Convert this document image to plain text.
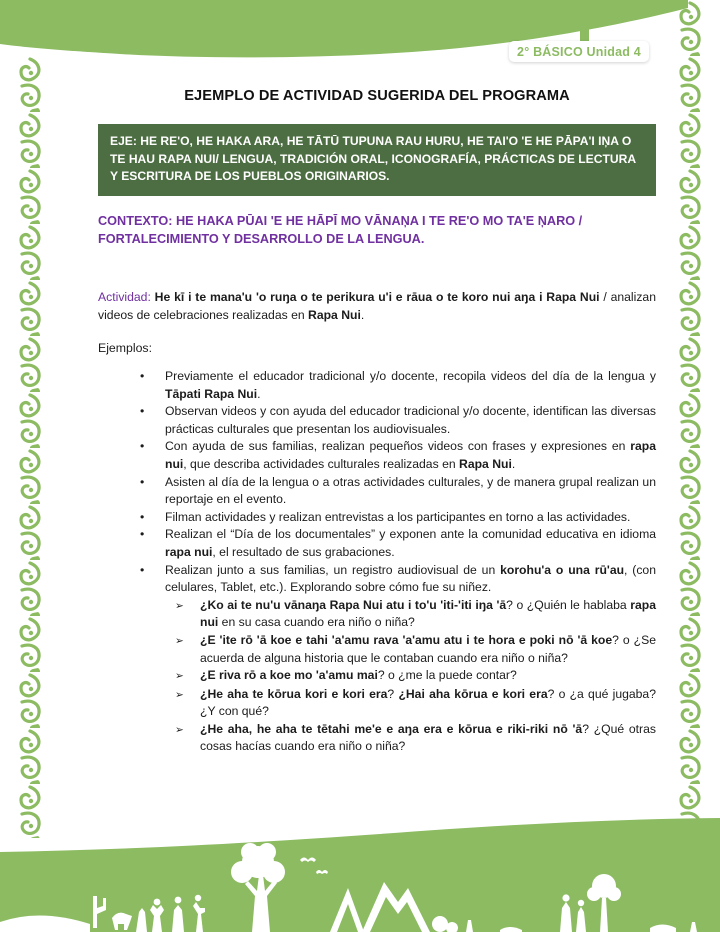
2° BÁSICO Unidad 4
EJEMPLO DE ACTIVIDAD SUGERIDA DEL PROGRAMA
EJE: HE RE'O, HE HAKA ARA, HE TĀTŪ TUPUNA RAU HURU, HE TAI'O 'E HE PĀPA'I IŅA O TE HAU RAPA NUI/ LENGUA, TRADICIÓN ORAL, ICONOGRAFÍA, PRÁCTICAS DE LECTURA Y ESCRITURA DE LOS PUEBLOS ORIGINARIOS.
CONTEXTO: HE HAKA PŪAI 'E HE HĀPĪ MO VĀNAŅA I TE RE'O MO TA'E ŅARO /
FORTALECIMIENTO Y DESARROLLO DE LA LENGUA.

Actividad: He kī i te mana'u 'o ruŋa o te perikura u'i e rāua o te koro nui aŋa i Rapa Nui / analizan videos de celebraciones realizadas en Rapa Nui.

Ejemplos:
•	Previamente el educador tradicional y/o docente, recopila videos del día de la lengua y Tāpati Rapa Nui.
•	Observan videos y con ayuda del educador tradicional y/o docente, identifican las diversas prácticas culturales que presentan los audiovisuales.
•	Con ayuda de sus familias, realizan pequeños videos con frases y expresiones en rapa nui, que describa actividades culturales realizadas en Rapa Nui.
•	Asisten al día de la lengua o a otras actividades culturales, y de manera grupal realizan un reportaje en el evento.
•	Filman actividades y realizan entrevistas a los participantes en torno a las actividades.
•	Realizan el “Día de los documentales” y exponen ante la comunidad educativa en idioma rapa nui, el resultado de sus grabaciones.
•	Realizan junto a sus familias, un registro audiovisual de un korohu'a o una rū'au, (con celulares, Tablet, etc.). Explorando sobre cómo fue su niñez.
➢	¿Ko ai te nu'u vānaŋa Rapa Nui atu i to'u 'iti-'iti iŋa 'ā? o ¿Quién le hablaba rapa nui en su casa cuando era niño o niña?
➢	¿E 'ite rō 'ā koe e tahi 'a'amu rava 'a'amu atu i te hora e poki nō 'ā koe? o ¿Se acuerda de alguna historia que le contaban cuando era niño o niña?
➢	¿E riva rō a koe mo 'a'amu mai? o ¿me la puede contar?
➢	¿He aha te kōrua kori e kori era? ¿Hai aha kōrua e kori era? o ¿a qué jugaba? ¿Y con qué?
➢	¿He aha, he aha te tētahi me'e e aŋa era e kōrua e riki-riki nō 'ā? ¿Qué otras cosas hacías cuando era niño o niña?
